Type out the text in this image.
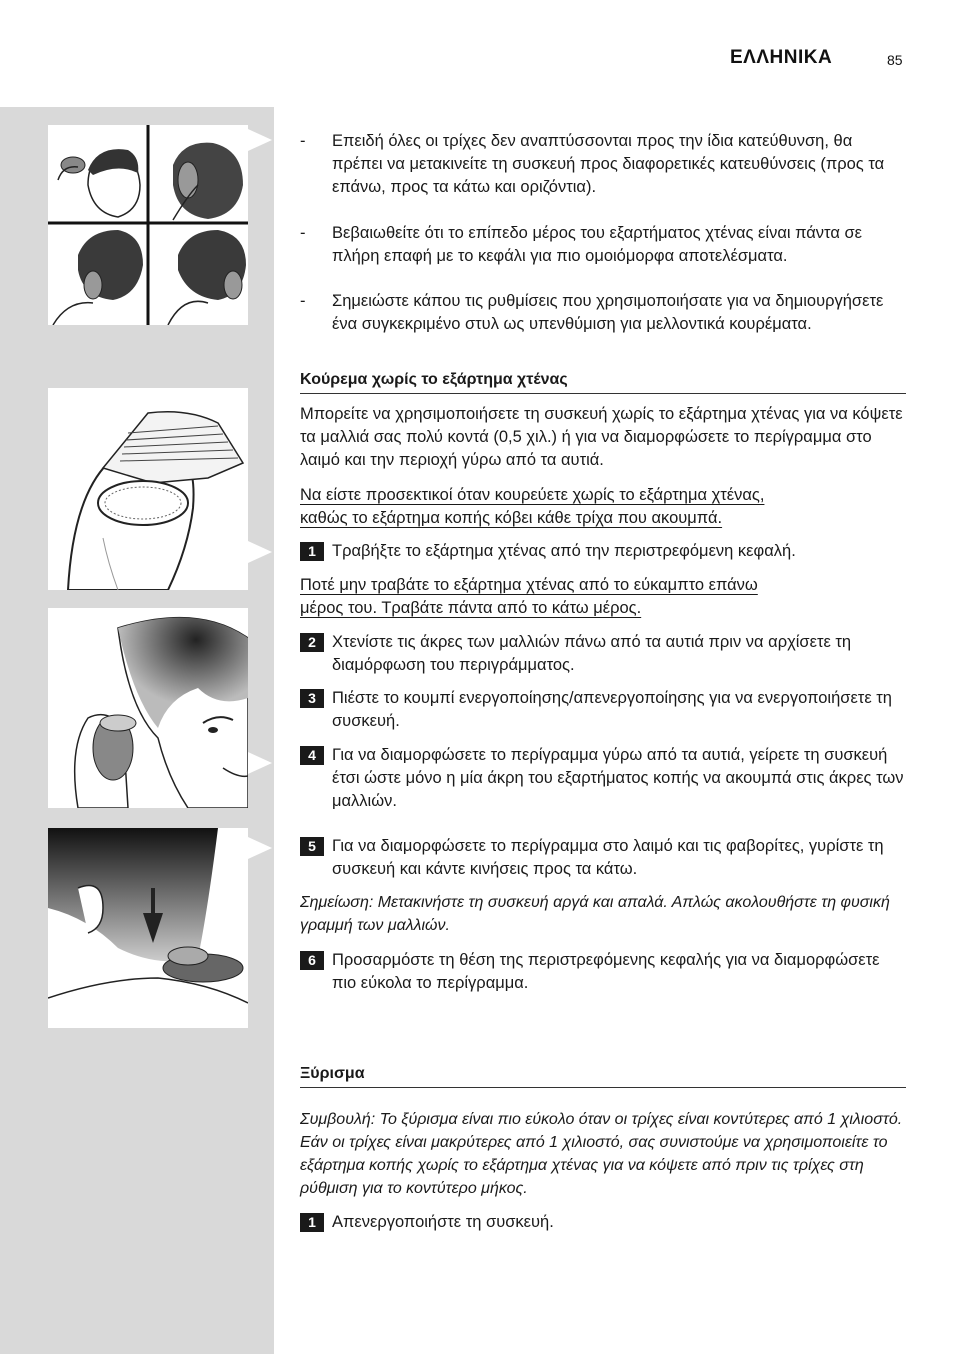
ΕΛΛΗΝΙΚΑ	85
- Επειδή όλες οι τρίχες δεν αναπτύσσονται προς την ίδια κατεύθυνση, θα πρέπει να μετακινείτε τη συσκευή προς διαφορετικές κατευθύνσεις (προς τα επάνω, προς τα κάτω και οριζόντια).
- Βεβαιωθείτε ότι το επίπεδο μέρος του εξαρτήματος χτένας είναι πάντα σε πλήρη επαφή με το κεφάλι για πιο ομοιόμορφα αποτελέσματα.
- Σημειώστε κάπου τις ρυθμίσεις που χρησιμοποιήσατε για να δημιουργήσετε ένα συγκεκριμένο στυλ ως υπενθύμιση για μελλοντικά κουρέματα.
Κούρεμα χωρίς το εξάρτημα χτένας
Μπορείτε να χρησιμοποιήσετε τη συσκευή χωρίς το εξάρτημα χτένας για να κόψετε τα μαλλιά σας πολύ κοντά (0,5 χιλ.) ή για να διαμορφώσετε το περίγραμμα στο λαιμό και την περιοχή γύρω από τα αυτιά.
Να είστε προσεκτικοί όταν κουρεύετε χωρίς το εξάρτημα χτένας,
καθώς το εξάρτημα κοπής κόβει κάθε τρίχα που ακουμπά.
1 Τραβήξτε το εξάρτημα χτένας από την περιστρεφόμενη κεφαλή.
Ποτέ μην τραβάτε το εξάρτημα χτένας από το εύκαμπτο επάνω
μέρος του. Τραβάτε πάντα από το κάτω μέρος.
2 Χτενίστε τις άκρες των μαλλιών πάνω από τα αυτιά πριν να αρχίσετε τη διαμόρφωση του περιγράμματος.
3 Πιέστε το κουμπί ενεργοποίησης/απενεργοποίησης για να ενεργοποιήσετε τη συσκευή.
4 Για να διαμορφώσετε το περίγραμμα γύρω από τα αυτιά, γείρετε τη συσκευή έτσι ώστε μόνο η μία άκρη του εξαρτήματος κοπής να ακουμπά στις άκρες των μαλλιών.
5 Για να διαμορφώσετε το περίγραμμα στο λαιμό και τις φαβορίτες, γυρίστε τη συσκευή και κάντε κινήσεις προς τα κάτω.
Σημείωση: Μετακινήστε τη συσκευή αργά και απαλά. Απλώς ακολουθήστε τη φυσική γραμμή των μαλλιών.
6 Προσαρμόστε τη θέση της περιστρεφόμενης κεφαλής για να διαμορφώσετε πιο εύκολα το περίγραμμα.
Ξύρισμα
Συμβουλή: Το ξύρισμα είναι πιο εύκολο όταν οι τρίχες είναι κοντύτερες από 1 χιλιοστό. Εάν οι τρίχες είναι μακρύτερες από 1 χιλιοστό, σας συνιστούμε να χρησιμοποιείτε το εξάρτημα κοπής χωρίς το εξάρτημα χτένας για να κόψετε από πριν τις τρίχες στη ρύθμιση για το κοντύτερο μήκος.
1 Απενεργοποιήστε τη συσκευή.
